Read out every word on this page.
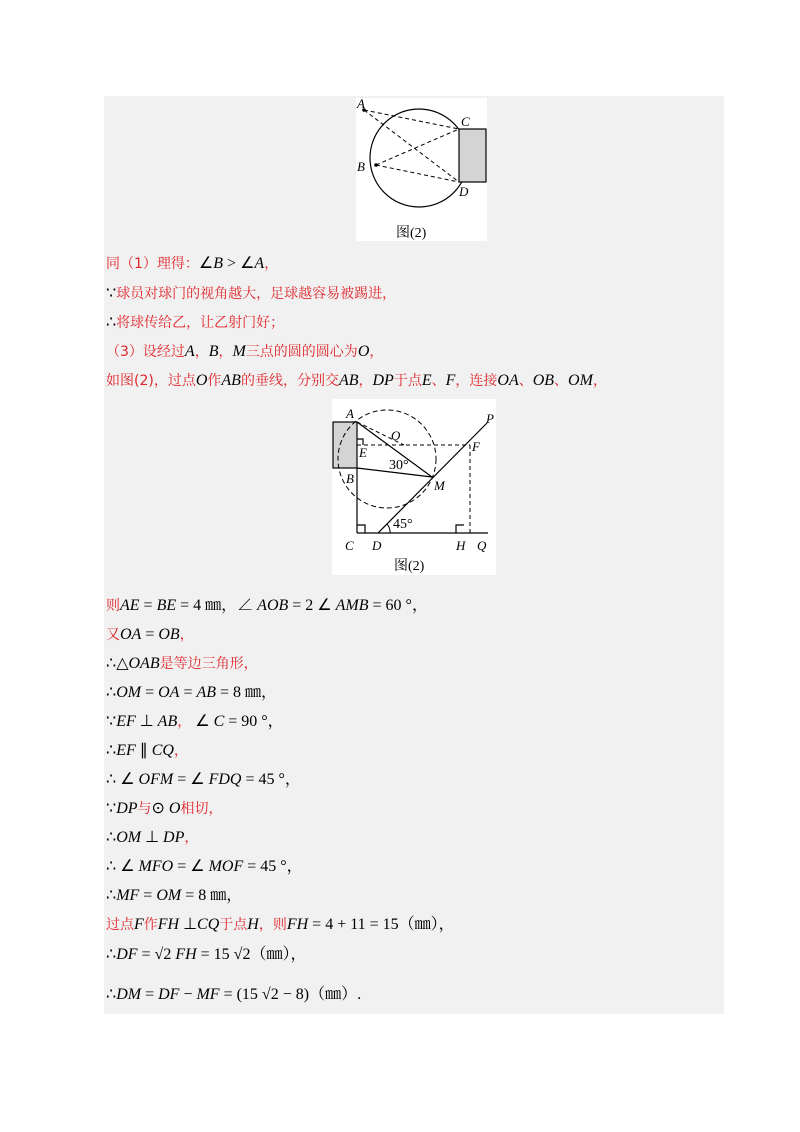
A
C
B
D
图(2)
同（1）理得：∠B > ∠A，
∵球员对球门的视角越大，足球越容易被踢进，
∴将球传给乙，让乙射门好；
（3）设经过A，B，M三点的圆的圆心为O，
如图(2)，过点O作AB的垂线，分别交AB，DP于点E、F，连接OA、OB、OM，
A
O
P
F
E
30°
M
B
45°
C D	H Q
图(2)
则AE = BE = 4 ㎜，∠ AOB = 2 ∠ AMB = 60 °，
又OA = OB，
∴△OAB是等边三角形，
∴OM = OA = AB = 8 ㎜，
∵EF ⊥ AB， ∠ C = 90 °，
∴EF ∥ CQ，
∴ ∠ OFM = ∠ FDQ = 45 °，
∵DP与⊙ O相切，
∴OM ⊥ DP，
∴ ∠ MFO = ∠ MOF = 45 °，
∴MF = OM = 8 ㎜，
过点F作FH ⊥CQ于点H，则FH = 4 + 11 = 15（㎜），
∴DF = √2 FH = 15 √2（㎜），
∴DM = DF − MF = (15 √2 − 8)（㎜）.
